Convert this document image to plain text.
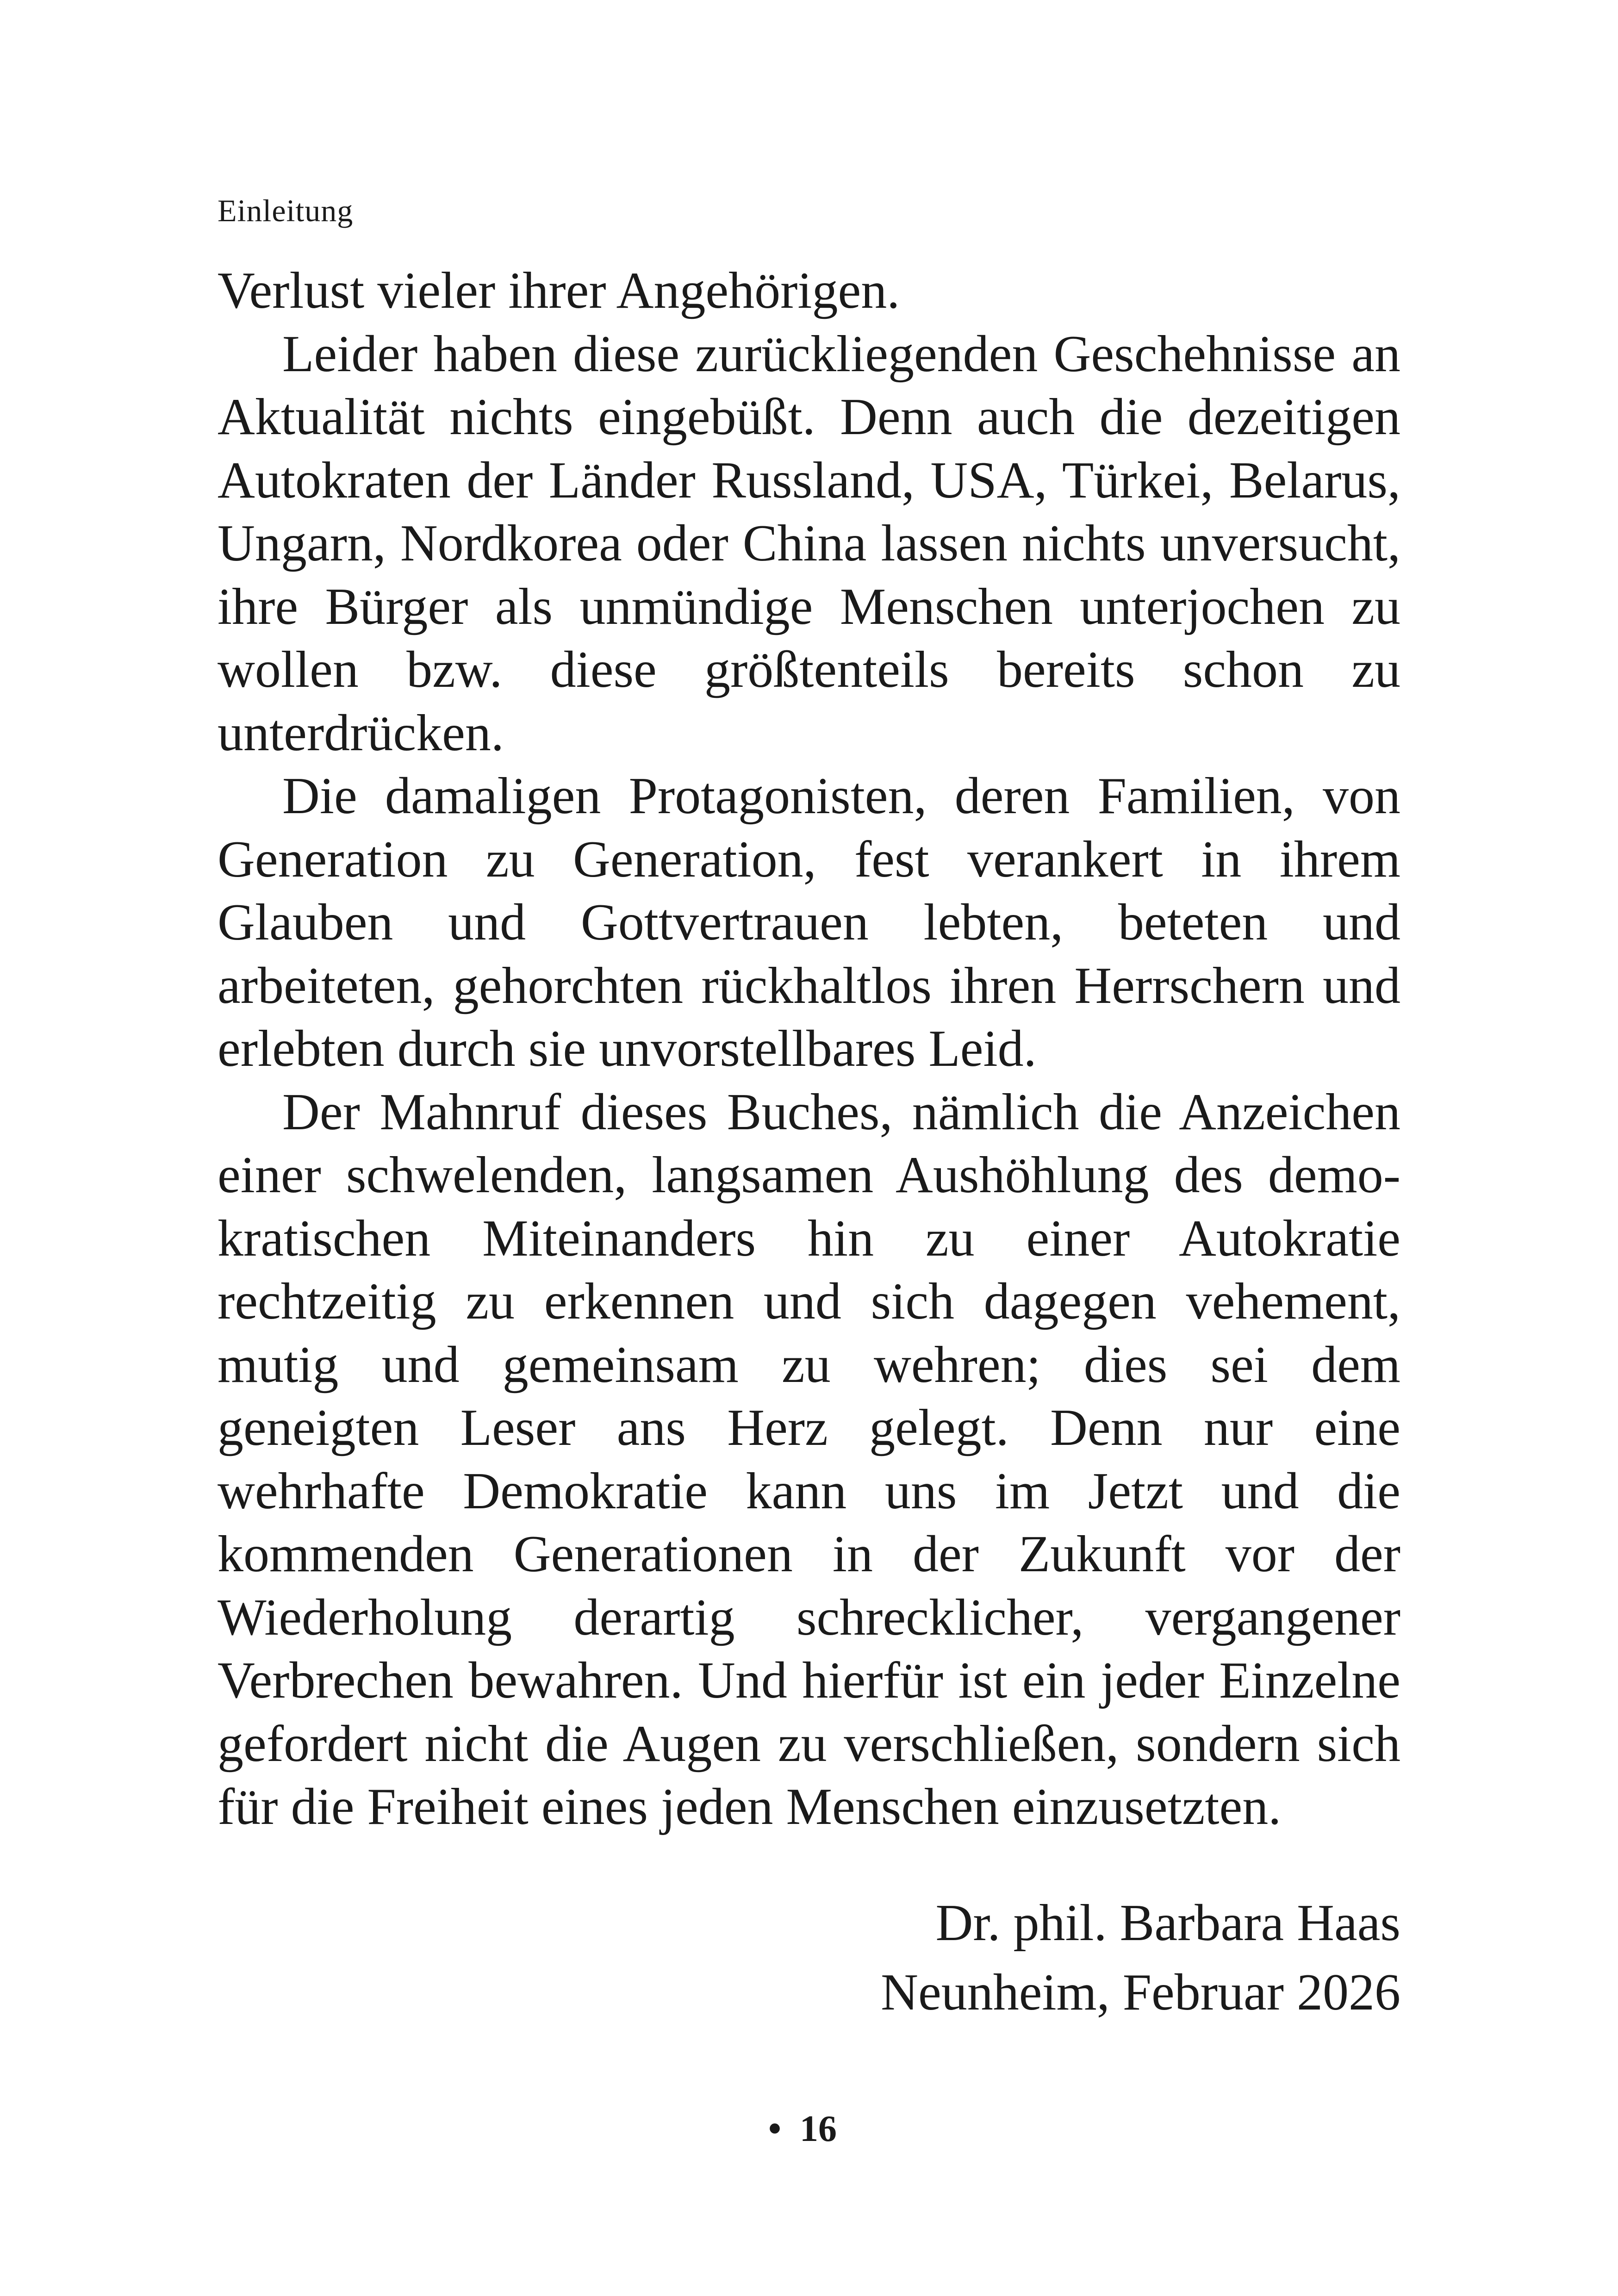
Einleitung

Verlust vieler ihrer Angehörigen.

Leider haben diese zurückliegenden Geschehnisse an Aktualität nichts eingebüßt. Denn auch die dezeitigen Autokraten der Länder Russland, USA, Türkei, Belarus, Ungarn, Nordkorea oder China lassen nichts unversucht, ihre Bürger als unmündige Menschen unterjochen zu wollen bzw. diese größtenteils bereits schon zu unterdrücken.

Die damaligen Protagonisten, deren Familien, von Generation zu Generation, fest verankert in ihrem Glauben und Gottvertrauen lebten, beteten und arbeiteten, gehorchten rückhaltlos ihren Herrschern und erlebten durch sie unvorstellbares Leid.

Der Mahnruf dieses Buches, nämlich die Anzeichen einer schwelenden, langsamen Aushöhlung des demokratischen Miteinanders hin zu einer Autokratie rechtzeitig zu erkennen und sich dagegen vehement, mutig und gemeinsam zu wehren; dies sei dem geneigten Leser ans Herz gelegt. Denn nur eine wehrhafte Demokratie kann uns im Jetzt und die kommenden Generationen in der Zukunft vor der Wiederholung derartig schrecklicher, vergangener Verbrechen bewahren. Und hierfür ist ein jeder Einzelne gefordert nicht die Augen zu verschließen, sondern sich für die Freiheit eines jeden Menschen einzusetzten.

Dr. phil. Barbara Haas
Neunheim, Februar 2026
• 16
